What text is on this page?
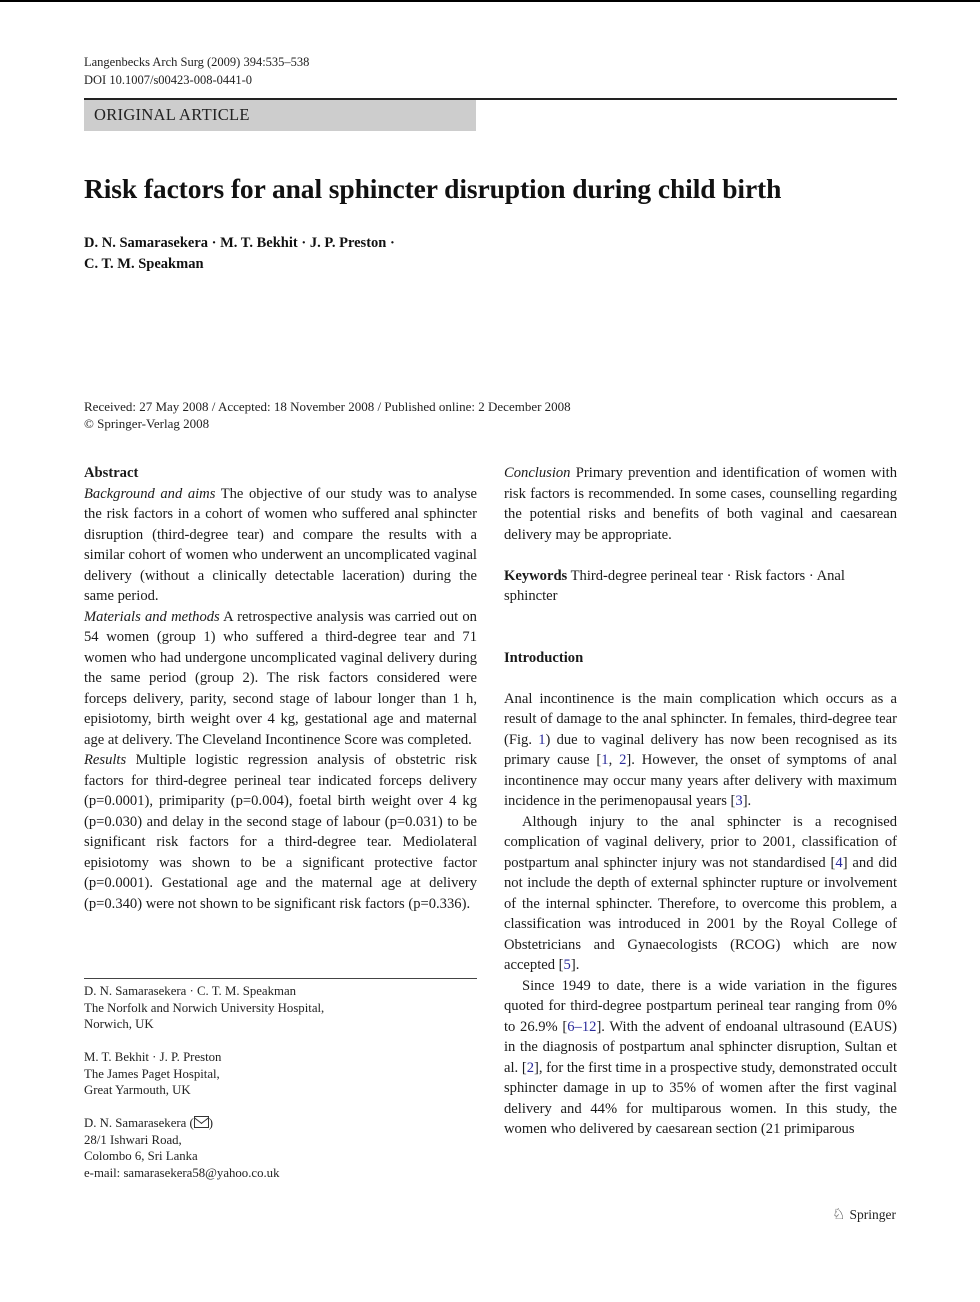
Langenbecks Arch Surg (2009) 394:535–538
DOI 10.1007/s00423-008-0441-0
ORIGINAL ARTICLE
Risk factors for anal sphincter disruption during child birth
D. N. Samarasekera · M. T. Bekhit · J. P. Preston ·
C. T. M. Speakman
Received: 27 May 2008 / Accepted: 18 November 2008 / Published online: 2 December 2008
© Springer-Verlag 2008

Abstract

Background and aims The objective of our study was to analyse the risk factors in a cohort of women who suffered anal sphincter disruption (third-degree tear) and compare the results with a similar cohort of women who underwent an uncomplicated vaginal delivery (without a clinically detectable laceration) during the same period.

Materials and methods A retrospective analysis was carried out on 54 women (group 1) who suffered a third-degree tear and 71 women who had undergone uncomplicated vaginal delivery during the same period (group 2). The risk factors considered were forceps delivery, parity, second stage of labour longer than 1 h, episiotomy, birth weight over 4 kg, gestational age and maternal age at delivery. The Cleveland Incontinence Score was completed.

Results Multiple logistic regression analysis of obstetric risk factors for third-degree perineal tear indicated forceps delivery (p=0.0001), primiparity (p=0.004), foetal birth weight over 4 kg (p=0.030) and delay in the second stage of labour (p=0.031) to be significant risk factors for a third-degree tear. Mediolateral episiotomy was shown to be a significant protective factor (p=0.0001). Gestational age and the maternal age at delivery (p=0.340) were not shown to be significant risk factors (p=0.336).

D. N. Samarasekera · C. T. M. Speakman
The Norfolk and Norwich University Hospital,
Norwich, UK
M. T. Bekhit · J. P. Preston
The James Paget Hospital,
Great Yarmouth, UK
D. N. Samarasekera ( )
28/1 Ishwari Road,
Colombo 6, Sri Lanka
e-mail: samarasekera58@yahoo.co.uk

Conclusion Primary prevention and identification of women with risk factors is recommended. In some cases, counselling regarding the potential risks and benefits of both vaginal and caesarean delivery may be appropriate.

Keywords Third-degree perineal tear · Risk factors · Anal sphincter

Introduction

Anal incontinence is the main complication which occurs as a result of damage to the anal sphincter. In females, third-degree tear (Fig. 1) due to vaginal delivery has now been recognised as its primary cause [1, 2]. However, the onset of symptoms of anal incontinence may occur many years after delivery with maximum incidence in the perimenopausal years [3].

Although injury to the anal sphincter is a recognised complication of vaginal delivery, prior to 2001, classification of postpartum anal sphincter injury was not standardised [4] and did not include the depth of external sphincter rupture or involvement of the internal sphincter. Therefore, to overcome this problem, a classification was introduced in 2001 by the Royal College of Obstetricians and Gynaecologists (RCOG) which are now accepted [5].

Since 1949 to date, there is a wide variation in the figures quoted for third-degree postpartum perineal tear ranging from 0% to 26.9% [6–12]. With the advent of endoanal ultrasound (EAUS) in the diagnosis of postpartum anal sphincter disruption, Sultan et al. [2], for the first time in a prospective study, demonstrated occult sphincter damage in up to 35% of women after the first vaginal delivery and 44% for multiparous women. In this study, the women who delivered by caesarean section (21 primiparous

♘ Springer
